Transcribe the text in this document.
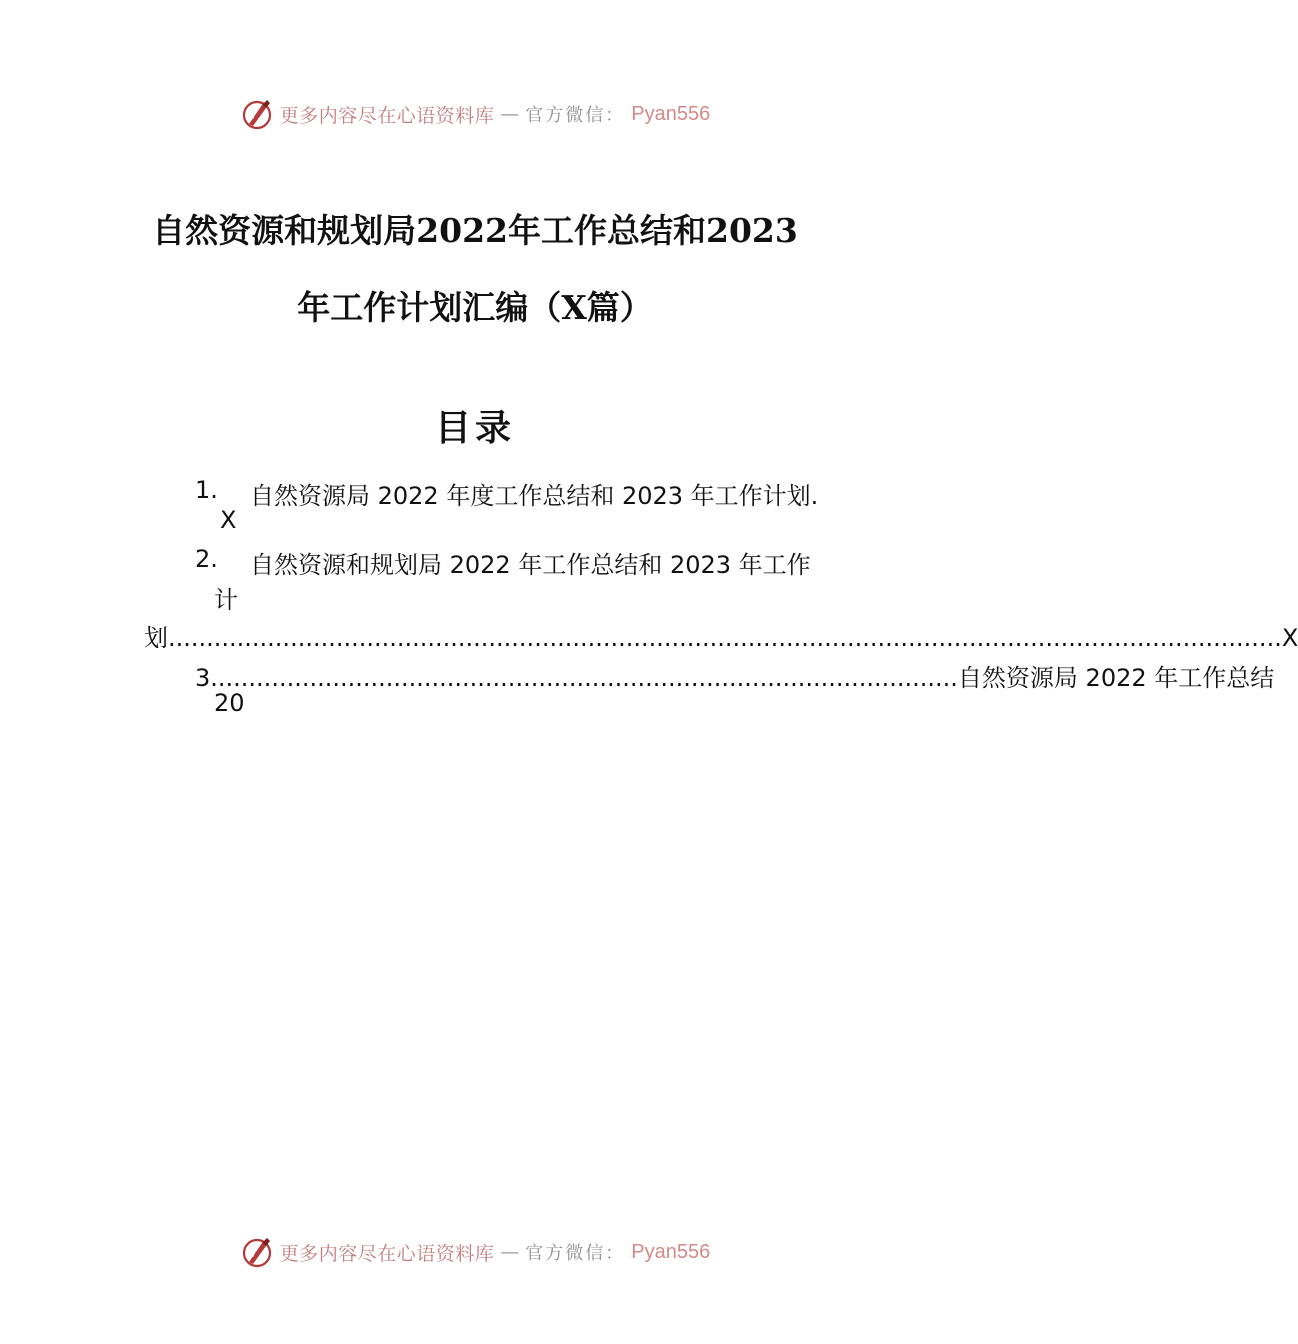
更多内容尽在心语资料库 — 官方微信： Pyan556
自然资源和规划局2022年工作总结和2023
年工作计划汇编（X篇）
目录
1. 自然资源局 2022 年度工作总结和 2023 年工作计划.
X
2. 自然资源和规划局 2022 年工作总结和 2023 年工作
计
划 .................................................................................................................................................. X
3 .................................................................................................. 自然资源局 2022 年工作总结
20
更多内容尽在心语资料库 — 官方微信： Pyan556
